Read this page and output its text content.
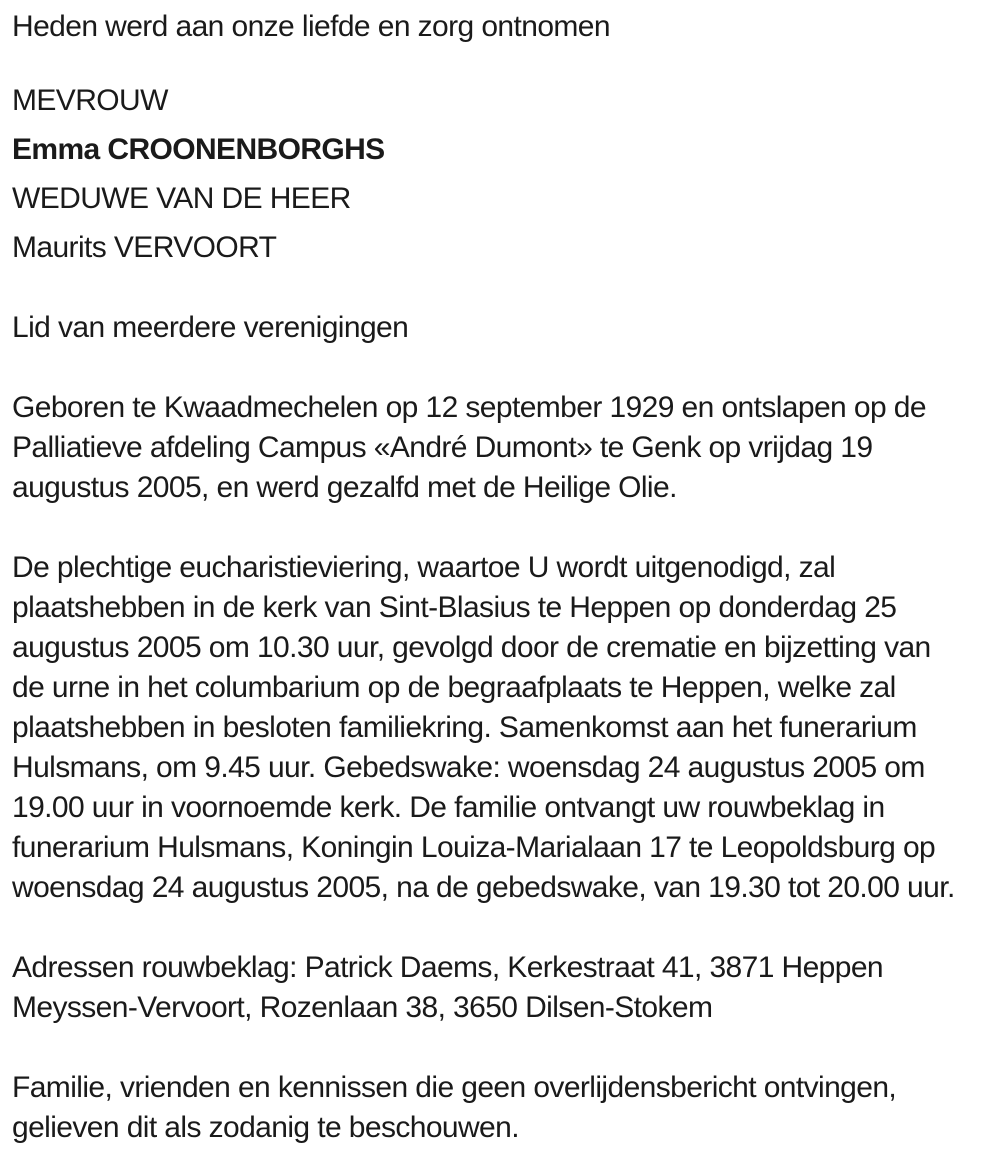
Heden werd aan onze liefde en zorg ontnomen

MEVROUW

Emma CROONENBORGHS

WEDUWE VAN DE HEER

Maurits VERVOORT

Lid van meerdere verenigingen

Geboren te Kwaadmechelen op 12 september 1929 en ontslapen op de
Palliatieve afdeling Campus «André Dumont» te Genk op vrijdag 19
augustus 2005, en werd gezalfd met de Heilige Olie.
De plechtige eucharistieviering, waartoe U wordt uitgenodigd, zal
plaatshebben in de kerk van Sint-Blasius te Heppen op donderdag 25
augustus 2005 om 10.30 uur, gevolgd door de crematie en bijzetting van
de urne in het columbarium op de begraafplaats te Heppen, welke zal
plaatshebben in besloten familiekring. Samenkomst aan het funerarium
Hulsmans, om 9.45 uur. Gebedswake: woensdag 24 augustus 2005 om
19.00 uur in voornoemde kerk. De familie ontvangt uw rouwbeklag in
funerarium Hulsmans, Koningin Louiza-Marialaan 17 te Leopoldsburg op
woensdag 24 augustus 2005, na de gebedswake, van 19.30 tot 20.00 uur.
Adressen rouwbeklag: Patrick Daems, Kerkestraat 41, 3871 Heppen
Meyssen-Vervoort, Rozenlaan 38, 3650 Dilsen-Stokem
Familie, vrienden en kennissen die geen overlijdensbericht ontvingen,
gelieven dit als zodanig te beschouwen.
